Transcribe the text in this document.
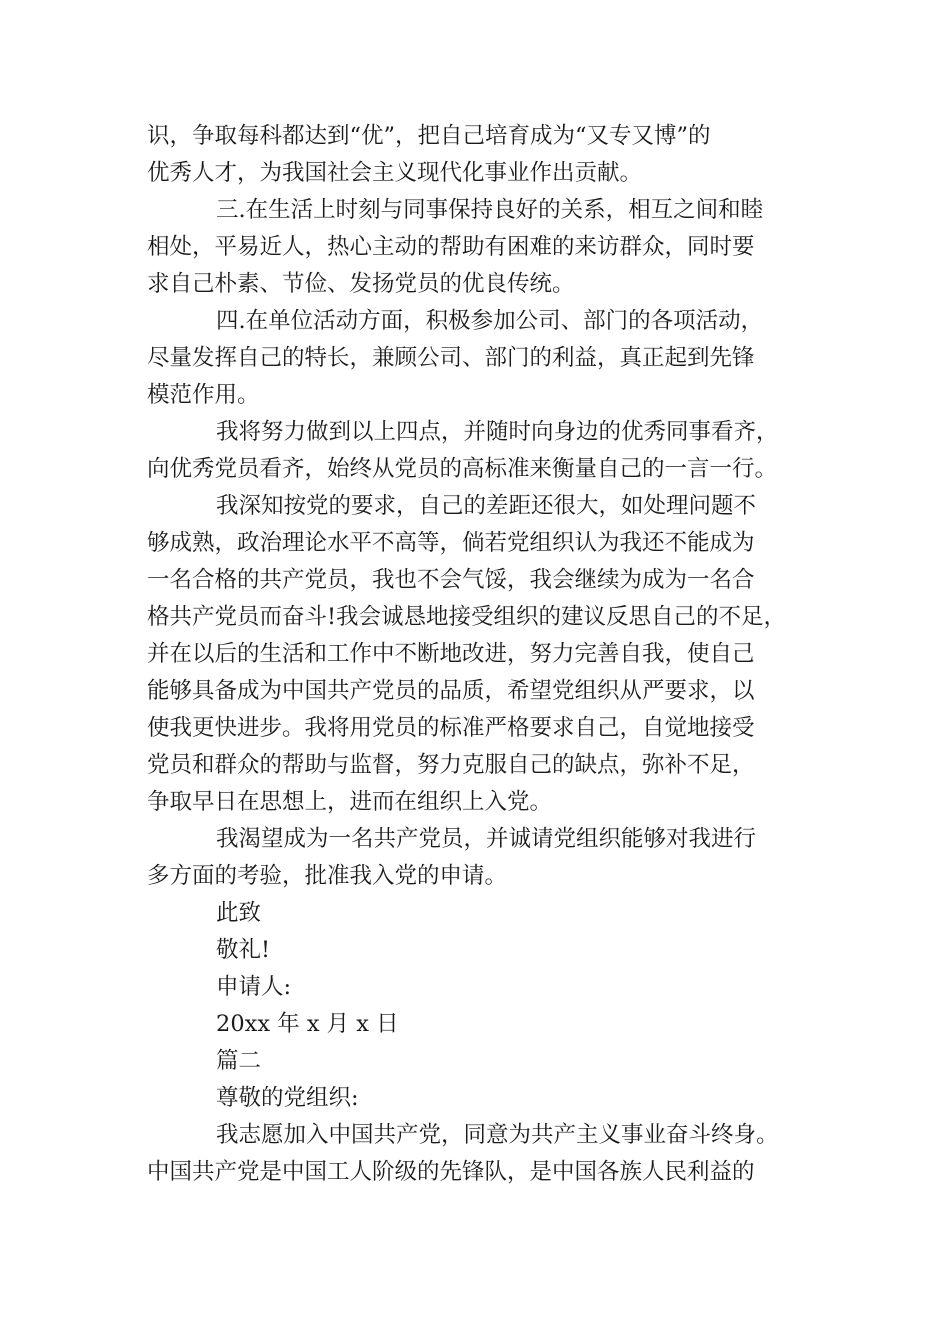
识，争取每科都达到“优”，把自己培育成为“又专又博”的
优秀人才，为我国社会主义现代化事业作出贡献。
三.在生活上时刻与同事保持良好的关系，相互之间和睦
相处，平易近人，热心主动的帮助有困难的来访群众，同时要
求自己朴素、节俭、发扬党员的优良传统。
四.在单位活动方面，积极参加公司、部门的各项活动，
尽量发挥自己的特长，兼顾公司、部门的利益，真正起到先锋
模范作用。
我将努力做到以上四点，并随时向身边的优秀同事看齐，
向优秀党员看齐，始终从党员的高标准来衡量自己的一言一行。
我深知按党的要求，自己的差距还很大，如处理问题不
够成熟，政治理论水平不高等，倘若党组织认为我还不能成为
一名合格的共产党员，我也不会气馁，我会继续为成为一名合
格共产党员而奋斗!我会诚恳地接受组织的建议反思自己的不足，
并在以后的生活和工作中不断地改进，努力完善自我，使自己
能够具备成为中国共产党员的品质，希望党组织从严要求，以
使我更快进步。我将用党员的标准严格要求自己，自觉地接受
党员和群众的帮助与监督，努力克服自己的缺点，弥补不足，
争取早日在思想上，进而在组织上入党。
我渴望成为一名共产党员，并诚请党组织能够对我进行
多方面的考验，批准我入党的申请。
此致
敬礼!
申请人:
20xx 年 x 月 x 日
篇二
尊敬的党组织:
我志愿加入中国共产党，同意为共产主义事业奋斗终身。
中国共产党是中国工人阶级的先锋队，是中国各族人民利益的
